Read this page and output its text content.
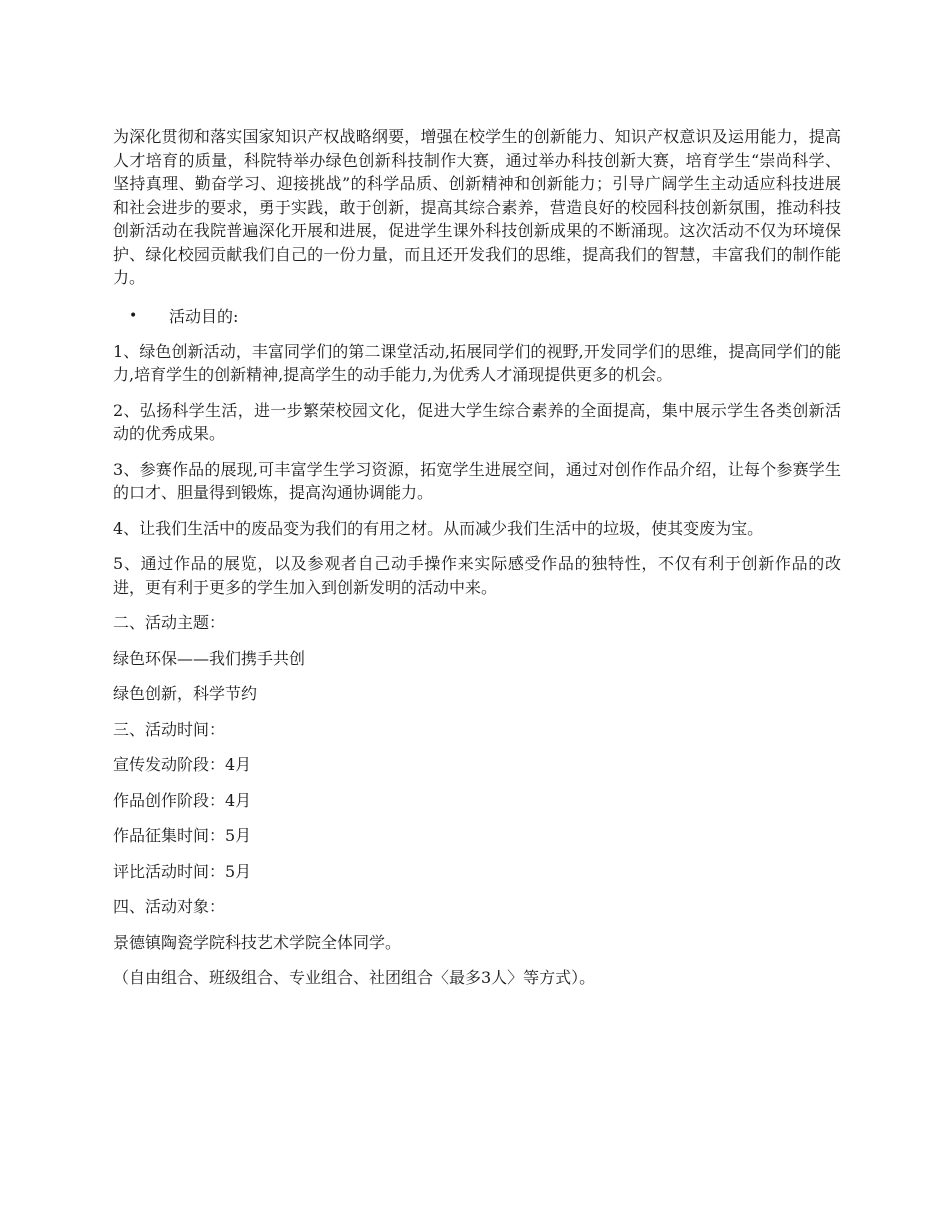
为深化贯彻和落实国家知识产权战略纲要，增强在校学生的创新能力、知识产权意识及运用能力，提高人才培育的质量，科院特举办绿色创新科技制作大赛，通过举办科技创新大赛，培育学生“崇尚科学、坚持真理、勤奋学习、迎接挑战”的科学品质、创新精神和创新能力；引导广阔学生主动适应科技进展和社会进步的要求，勇于实践，敢于创新，提高其综合素养，营造良好的校园科技创新氛围，推动科技创新活动在我院普遍深化开展和进展，促进学生课外科技创新成果的不断涌现。这次活动不仅为环境保护、绿化校园贡献我们自己的一份力量，而且还开发我们的思维，提高我们的智慧，丰富我们的制作能力。

•	活动目的:

1、绿色创新活动，丰富同学们的第二课堂活动,拓展同学们的视野,开发同学们的思维，提高同学们的能力,培育学生的创新精神,提高学生的动手能力,为优秀人才涌现提供更多的机会。

2、弘扬科学生活，进一步繁荣校园文化，促进大学生综合素养的全面提高，集中展示学生各类创新活动的优秀成果。

3、参赛作品的展现,可丰富学生学习资源，拓宽学生进展空间，通过对创作作品介绍，让每个参赛学生的口才、胆量得到锻炼，提高沟通协调能力。

4、让我们生活中的废品变为我们的有用之材。从而减少我们生活中的垃圾，使其变废为宝。

5、通过作品的展览，以及参观者自己动手操作来实际感受作品的独特性，不仅有利于创新作品的改进，更有利于更多的学生加入到创新发明的活动中来。

二、活动主题：

绿色环保——我们携手共创

绿色创新，科学节约

三、活动时间：

宣传发动阶段：4月

作品创作阶段：4月

作品征集时间：5月

评比活动时间：5月

四、活动对象：

景德镇陶瓷学院科技艺术学院全体同学。

（自由组合、班级组合、专业组合、社团组合〈最多3人〉等方式）。
